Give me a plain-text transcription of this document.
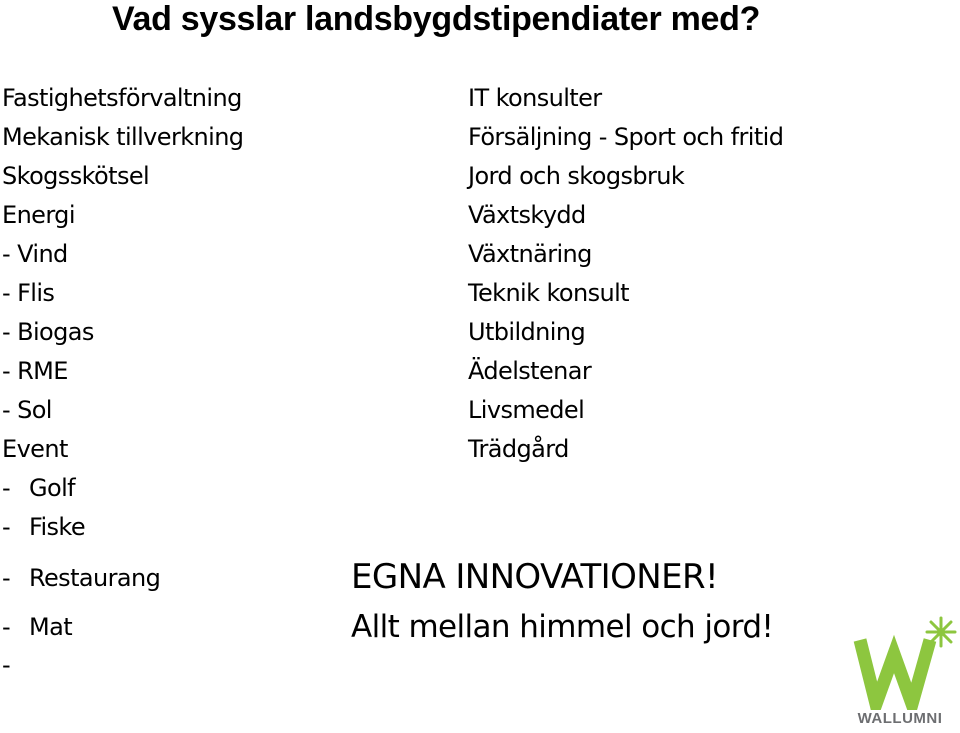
Vad sysslar landsbygdstipendiater med?
Fastighetsförvaltning
Mekanisk tillverkning
Skogsskötsel
Energi
- Vind
- Flis
- Biogas
- RME
- Sol
Event
- Golf
- Fiske
- Restaurang
- Mat
-
IT konsulter
Försäljning - Sport och fritid
Jord och skogsbruk
Växtskydd
Växtnäring
Teknik konsult
Utbildning
Ädelstenar
Livsmedel
Trädgård
EGNA INNOVATIONER!
Allt mellan himmel och jord!
WALLUMNI
